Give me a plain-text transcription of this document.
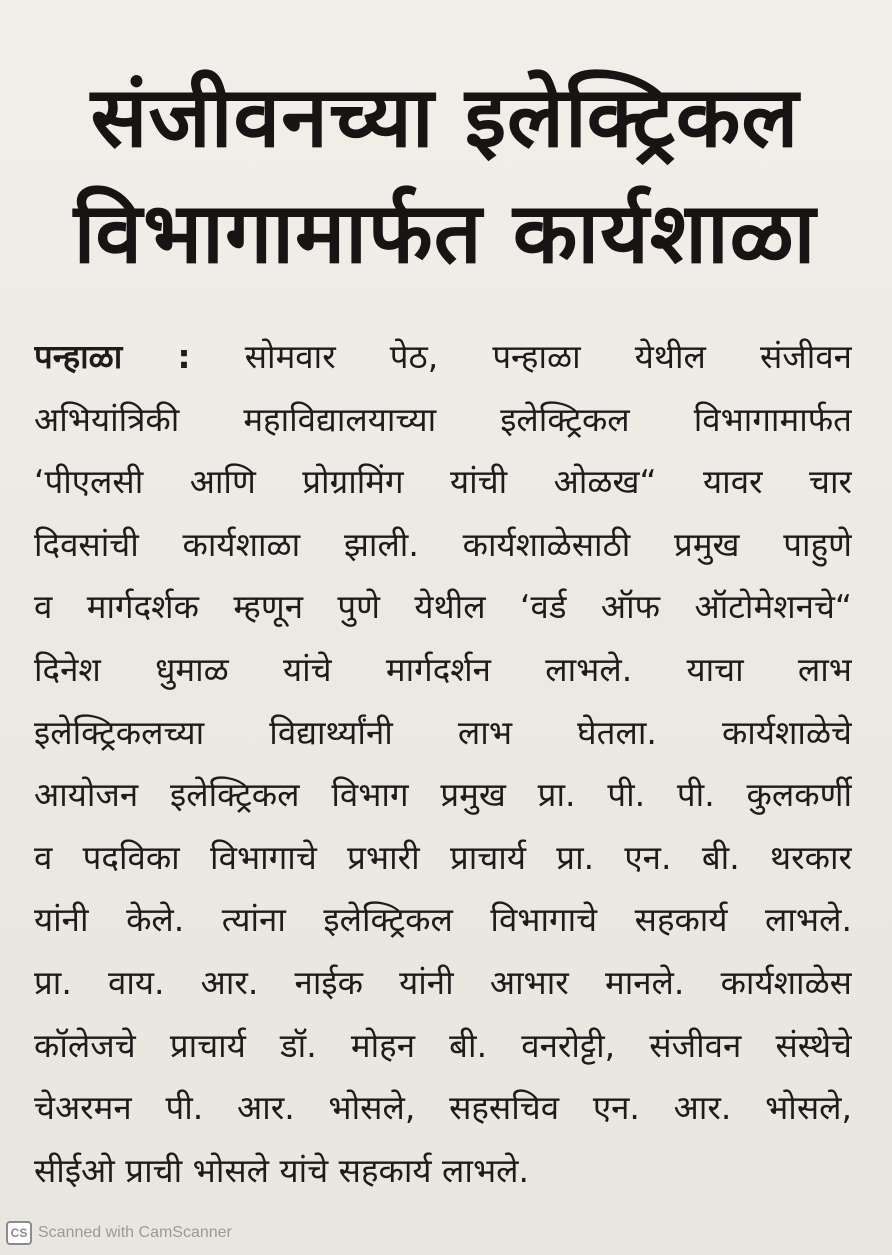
संजीवनच्या इलेक्ट्रिकल
विभागामार्फत कार्यशाळा
पन्हाळा : सोमवार पेठ, पन्हाळा येथील संजीवन
अभियांत्रिकी महाविद्यालयाच्या इलेक्ट्रिकल विभागामार्फत
‘पीएलसी आणि प्रोग्रामिंग यांची ओळख“ यावर चार
दिवसांची कार्यशाळा झाली. कार्यशाळेसाठी प्रमुख पाहुणे
व मार्गदर्शक म्हणून पुणे येथील ‘वर्ड ऑफ ऑटोमेशनचे“
दिनेश धुमाळ यांचे मार्गदर्शन लाभले. याचा लाभ
इलेक्ट्रिकलच्या विद्यार्थ्यांनी लाभ घेतला. कार्यशाळेचे
आयोजन इलेक्ट्रिकल विभाग प्रमुख प्रा. पी. पी. कुलकर्णी
व पदविका विभागाचे प्रभारी प्राचार्य प्रा. एन. बी. थरकार
यांनी केले. त्यांना इलेक्ट्रिकल विभागाचे सहकार्य लाभले.
प्रा. वाय. आर. नाईक यांनी आभार मानले. कार्यशाळेस
कॉलेजचे प्राचार्य डॉ. मोहन बी. वनरोट्टी, संजीवन संस्थेचे
चेअरमन पी. आर. भोसले, सहसचिव एन. आर. भोसले,
सीईओ प्राची भोसले यांचे सहकार्य लाभले.
CS Scanned with CamScanner
